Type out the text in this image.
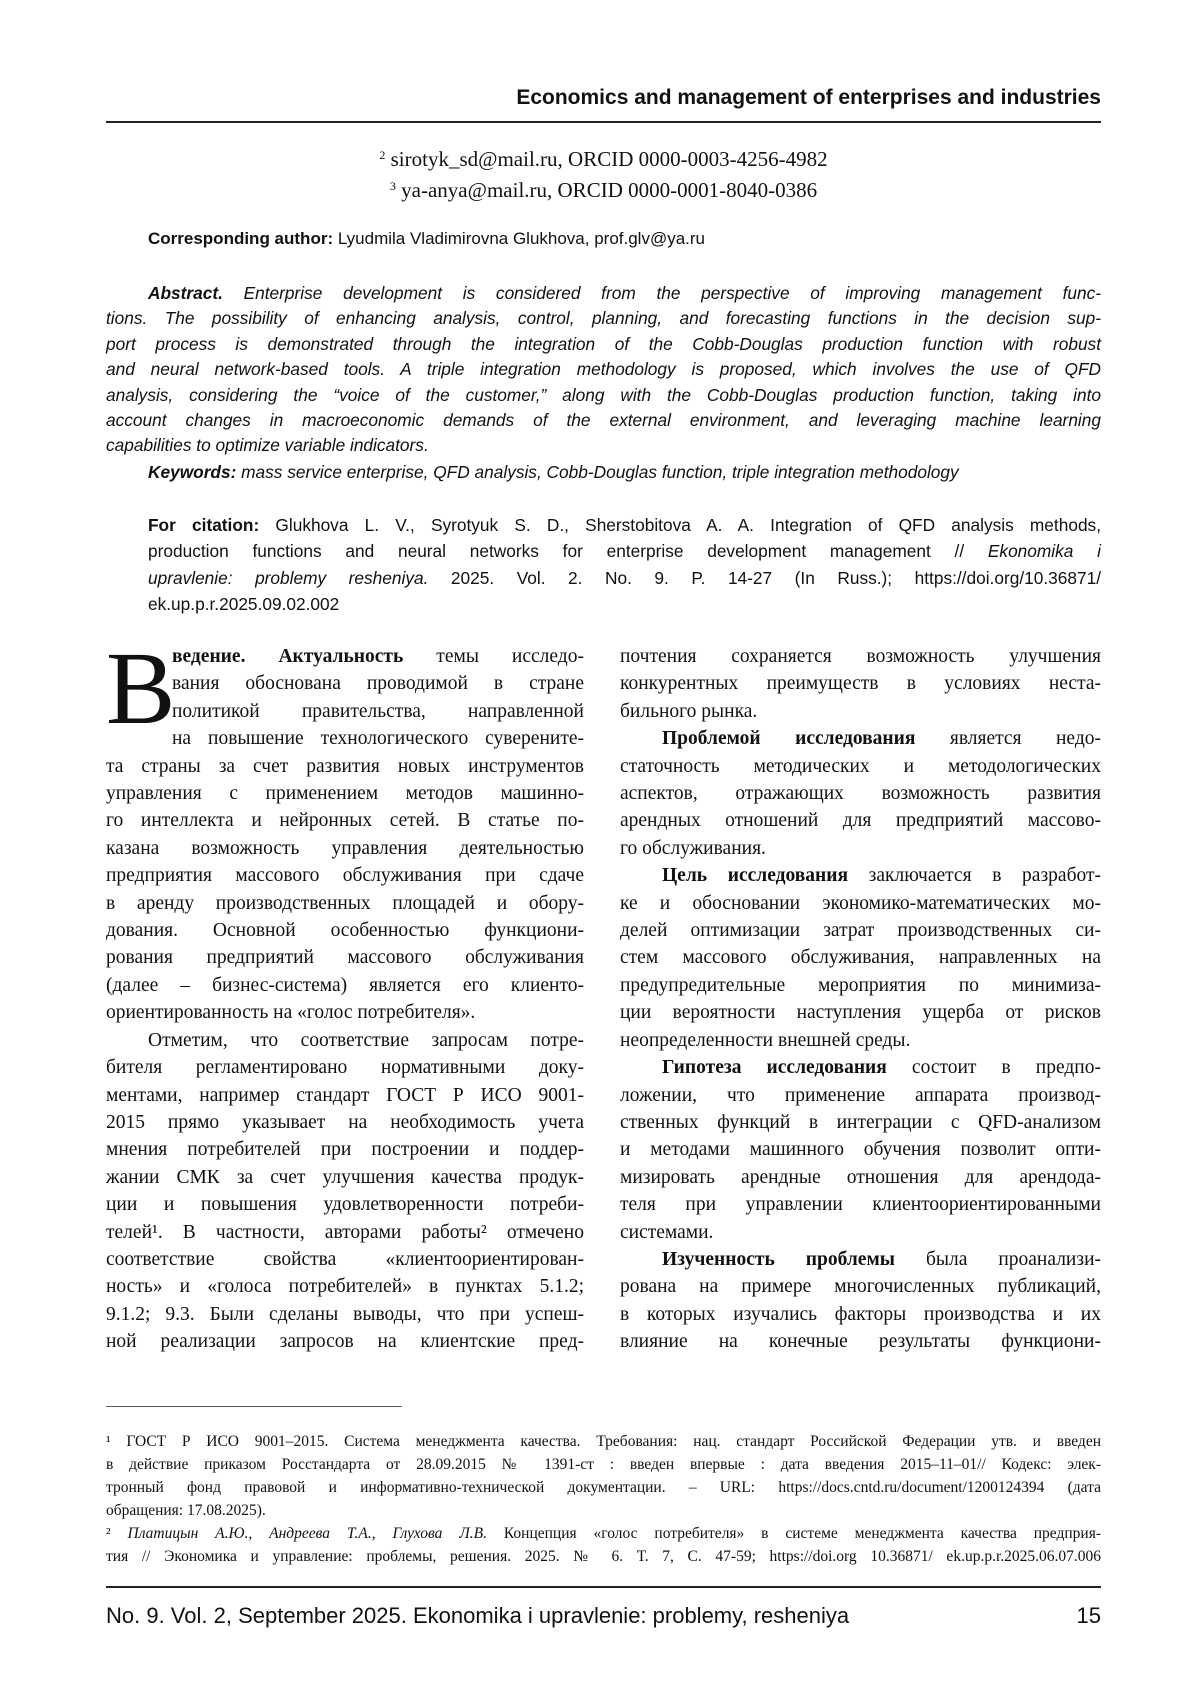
Economics and management of enterprises and industries
2 sirotyk_sd@mail.ru, ORCID 0000-0003-4256-4982
3 ya-anya@mail.ru, ORCID 0000-0001-8040-0386
Corresponding author: Lyudmila Vladimirovna Glukhova, prof.glv@ya.ru
Abstract. Enterprise development is considered from the perspective of improving management func-
tions. The possibility of enhancing analysis, control, planning, and forecasting functions in the decision sup-
port process is demonstrated through the integration of the Cobb-Douglas production function with robust
and neural network-based tools. A triple integration methodology is proposed, which involves the use of QFD
analysis, considering the “voice of the customer,” along with the Cobb-Douglas production function, taking into
account changes in macroeconomic demands of the external environment, and leveraging machine learning
capabilities to optimize variable indicators.
Keywords: mass service enterprise, QFD analysis, Cobb-Douglas function, triple integration methodology
For citation: Glukhova L. V., Syrotyuk S. D., Sherstobitova A. A. Integration of QFD analysis methods,
production functions and neural networks for enterprise development management // Ekonomika i
upravlenie: problemy resheniya. 2025. Vol. 2. No. 9. P. 14-27 (In Russ.); https://doi.org/10.36871/
ek.up.p.r.2025.09.02.002
В
ведение. Актуальность темы исследо-
вания обоснована проводимой в стране
политикой правительства, направленной
на повышение технологического суверените-
та страны за счет развития новых инструментов
управления с применением методов машинно-
го интеллекта и нейронных сетей. В статье по-
казана возможность управления деятельностью
предприятия массового обслуживания при сдаче
в аренду производственных площадей и обору-
дования. Основной особенностью функциони-
рования предприятий массового обслуживания
(далее – бизнес-система) является его клиенто-
ориентированность на «голос потребителя».
Отметим, что соответствие запросам потре-
бителя регламентировано нормативными доку-
ментами, например стандарт ГОСТ Р ИСО 9001-
2015 прямо указывает на необходимость учета
мнения потребителей при построении и поддер-
жании СМК за счет улучшения качества продук-
ции и повышения удовлетворенности потреби-
телей¹. В частности, авторами работы² отмечено
соответствие свойства «клиентоориентирован-
ность» и «голоса потребителей» в пунктах 5.1.2;
9.1.2; 9.3. Были сделаны выводы, что при успеш-
ной реализации запросов на клиентские пред-
почтения сохраняется возможность улучшения
конкурентных преимуществ в условиях неста-
бильного рынка.
Проблемой исследования является недо-
статочность методических и методологических
аспектов, отражающих возможность развития
арендных отношений для предприятий массово-
го обслуживания.
Цель исследования заключается в разработ-
ке и обосновании экономико-математических мо-
делей оптимизации затрат производственных си-
стем массового обслуживания, направленных на
предупредительные мероприятия по минимиза-
ции вероятности наступления ущерба от рисков
неопределенности внешней среды.
Гипотеза исследования состоит в предпо-
ложении, что применение аппарата производ-
ственных функций в интеграции с QFD-анализом
и методами машинного обучения позволит опти-
мизировать арендные отношения для арендода-
теля при управлении клиентоориентированными
системами.
Изученность проблемы была проанализи-
рована на примере многочисленных публикаций,
в которых изучались факторы производства и их
влияние на конечные результаты функциони-
¹ ГОСТ Р ИСО 9001–2015. Система менеджмента качества. Требования: нац. стандарт Российской Федерации утв. и введен
в действие приказом Росстандарта от 28.09.2015 № 1391-ст : введен впервые : дата введения 2015–11–01// Кодекс: элек-
тронный фонд правовой и информативно-технической документации. – URL: https://docs.cntd.ru/document/1200124394 (дата
обращения: 17.08.2025).
² Платицын А.Ю., Андреева Т.А., Глухова Л.В. Концепция «голос потребителя» в системе менеджмента качества предприя-
тия // Экономика и управление: проблемы, решения. 2025. № 6. Т. 7, С. 47-59; https://doi.org 10.36871/ ek.up.p.r.2025.06.07.006
No. 9. Vol. 2, September 2025. Ekonomika i upravlenie: problemy, resheniya	15
